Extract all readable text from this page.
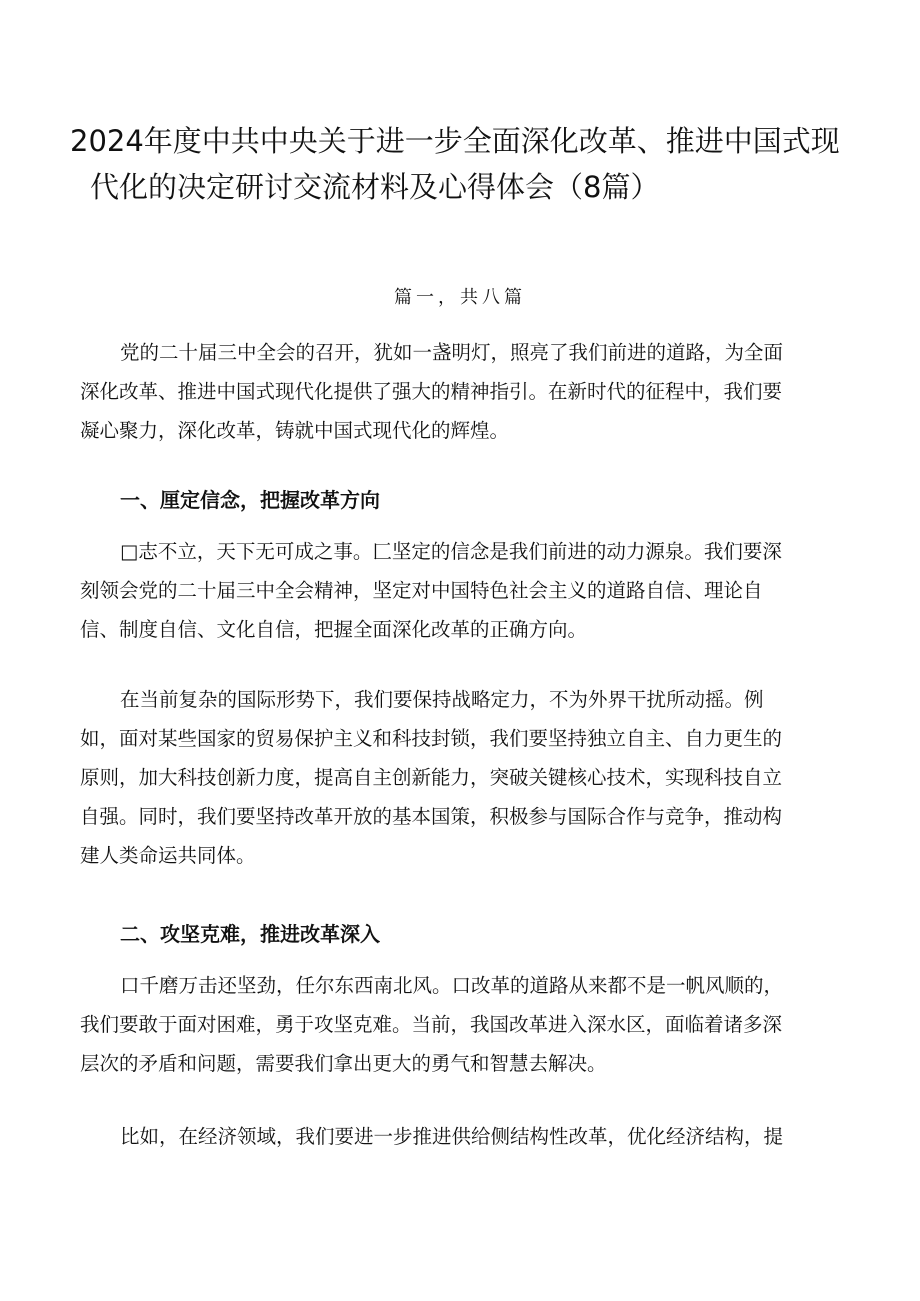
2024年度中共中央关于进一步全面深化改革、推进中国式现
代化的决定研讨交流材料及心得体会（8篇）
篇一，共八篇

党的二十届三中全会的召开，犹如一盏明灯，照亮了我们前进的道路，为全面
深化改革、推进中国式现代化提供了强大的精神指引。在新时代的征程中，我们要
凝心聚力，深化改革，铸就中国式现代化的辉煌。

一、厘定信念，把握改革方向

□志不立，天下无可成之事。匚坚定的信念是我们前进的动力源泉。我们要深
刻领会党的二十届三中全会精神，坚定对中国特色社会主义的道路自信、理论自
信、制度自信、文化自信，把握全面深化改革的正确方向。

在当前复杂的国际形势下，我们要保持战略定力，不为外界干扰所动摇。例
如，面对某些国家的贸易保护主义和科技封锁，我们要坚持独立自主、自力更生的
原则，加大科技创新力度，提高自主创新能力，突破关键核心技术，实现科技自立
自强。同时，我们要坚持改革开放的基本国策，积极参与国际合作与竞争，推动构
建人类命运共同体。

二、攻坚克难，推进改革深入

口千磨万击还坚劲，任尔东西南北风。口改革的道路从来都不是一帆风顺的，
我们要敢于面对困难，勇于攻坚克难。当前，我国改革进入深水区，面临着诸多深
层次的矛盾和问题，需要我们拿出更大的勇气和智慧去解决。

比如，在经济领域，我们要进一步推进供给侧结构性改革，优化经济结构，提
